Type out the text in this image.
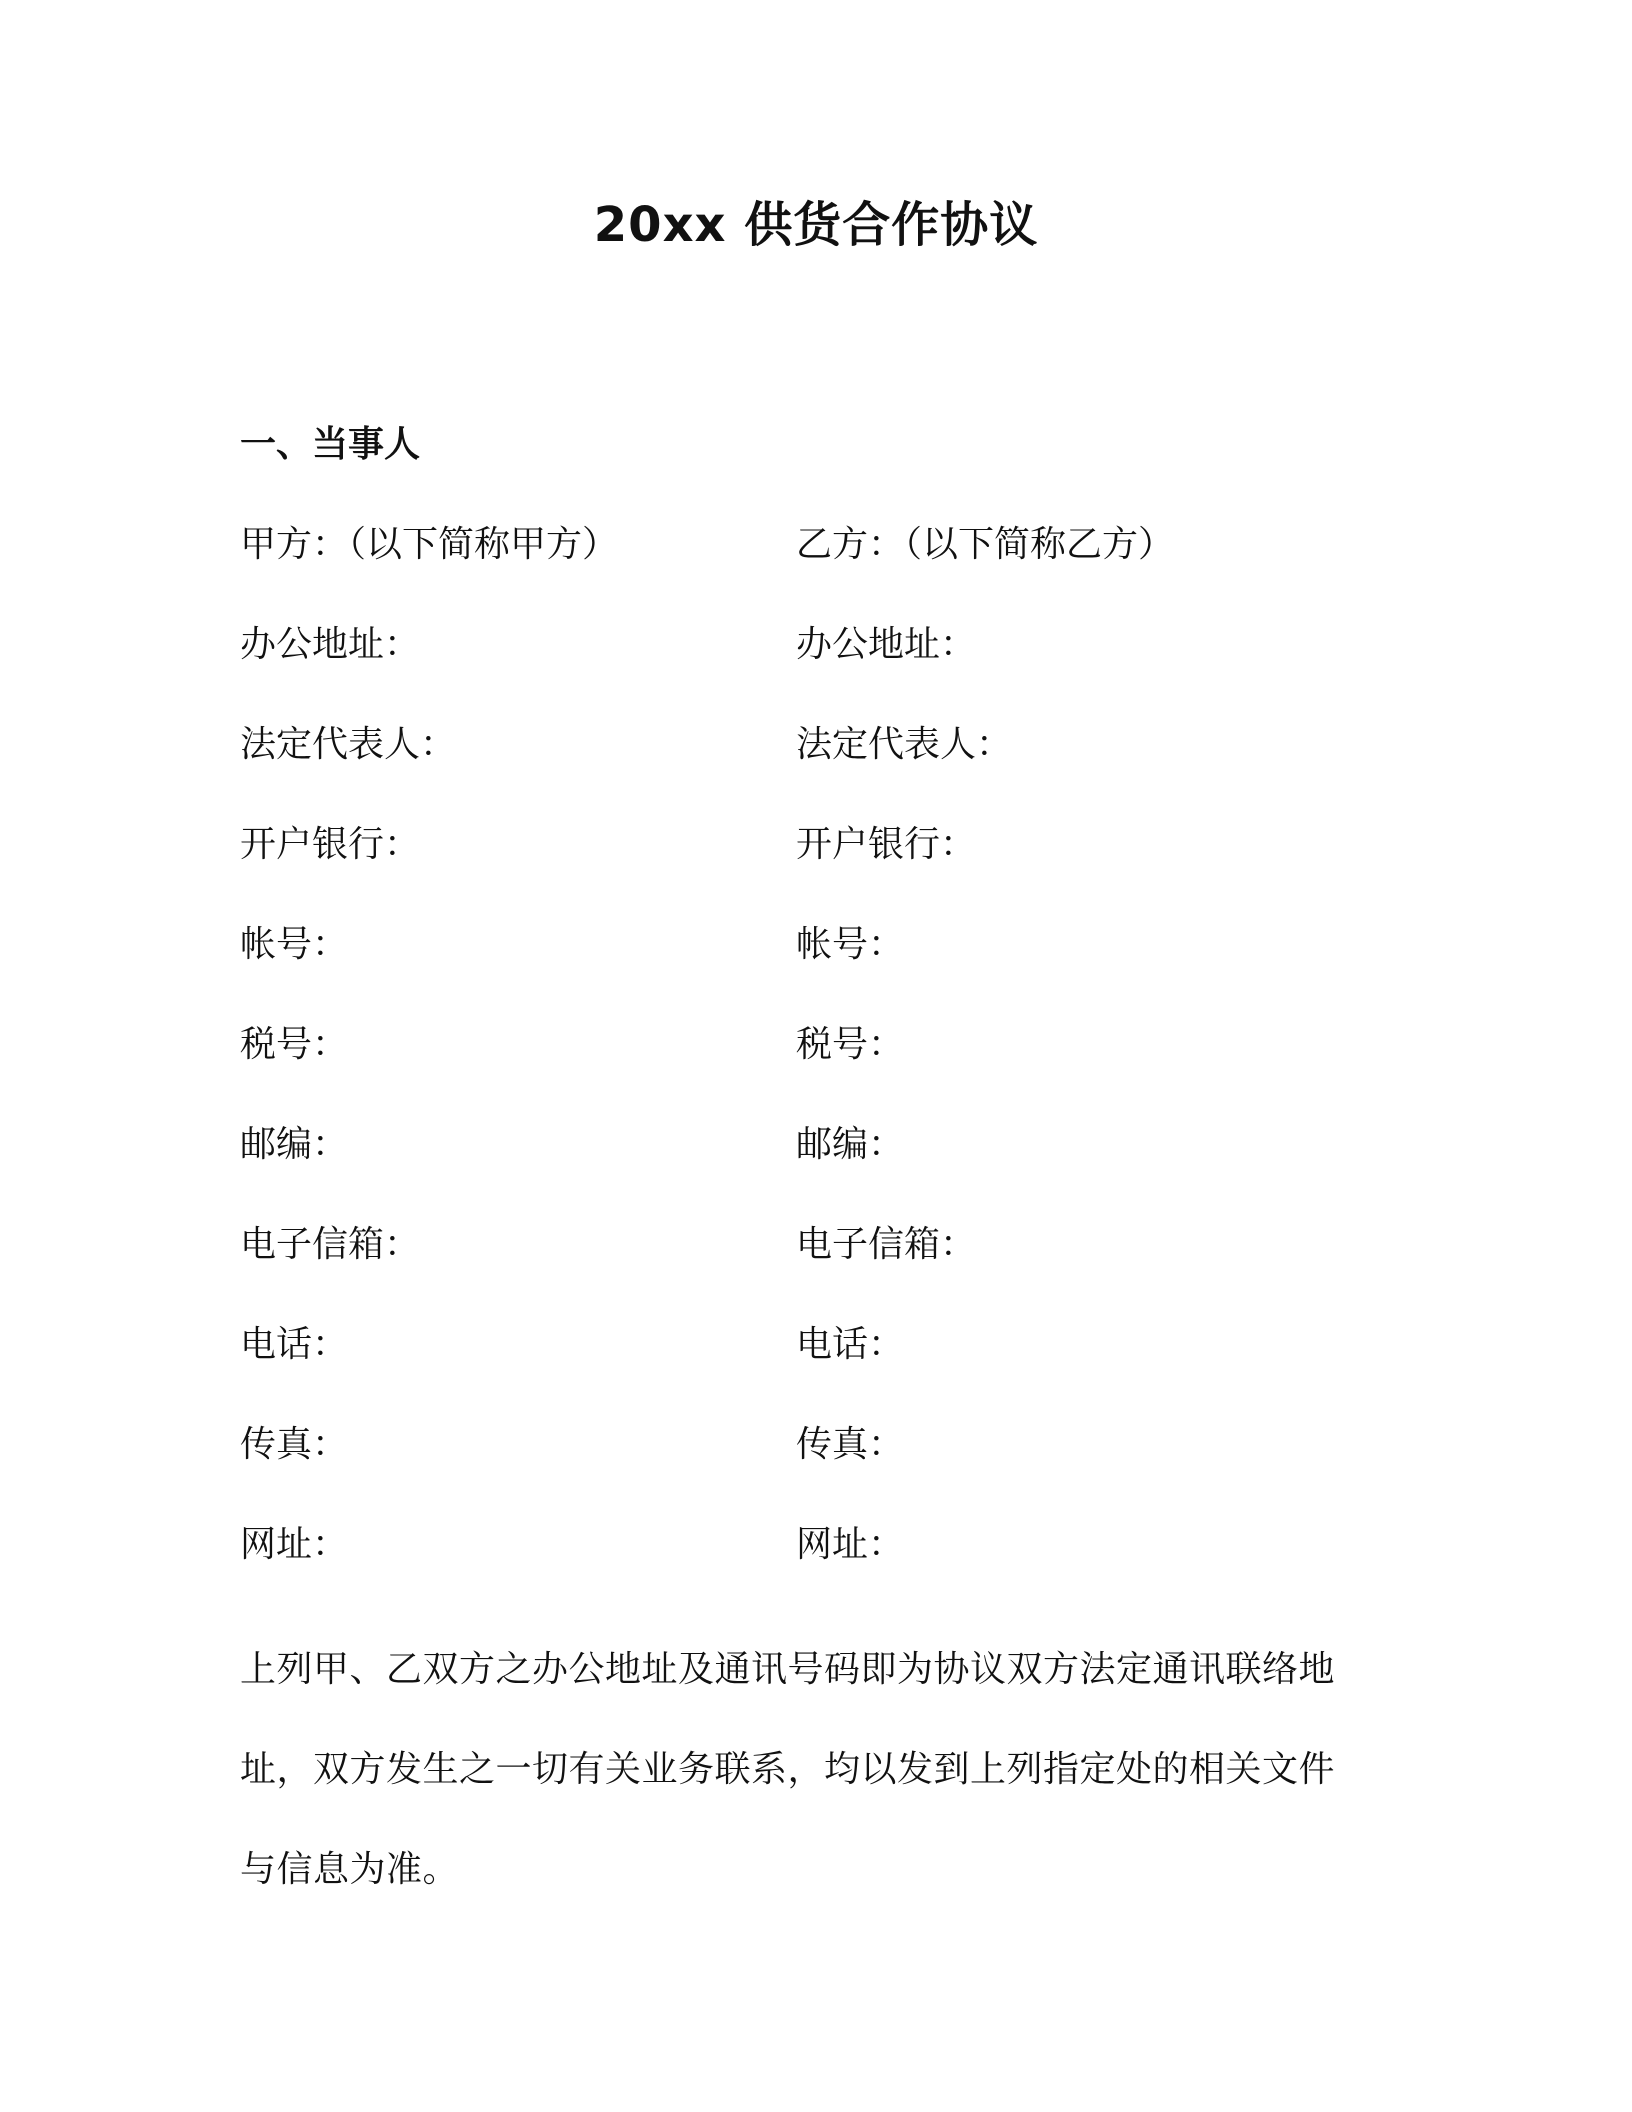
20xx 供货合作协议
一、当事人
甲方：（以下简称甲方）	乙方：（以下简称乙方）
办公地址：	办公地址：
法定代表人：	法定代表人：
开户银行：	开户银行：
帐号：	帐号：
税号：	税号：
邮编：	邮编：
电子信箱：	电子信箱：
电话：	电话：
传真：	传真：
网址：	网址：
上列甲、乙双方之办公地址及通讯号码即为协议双方法定通讯联络地
址，双方发生之一切有关业务联系，均以发到上列指定处的相关文件
与信息为准。
